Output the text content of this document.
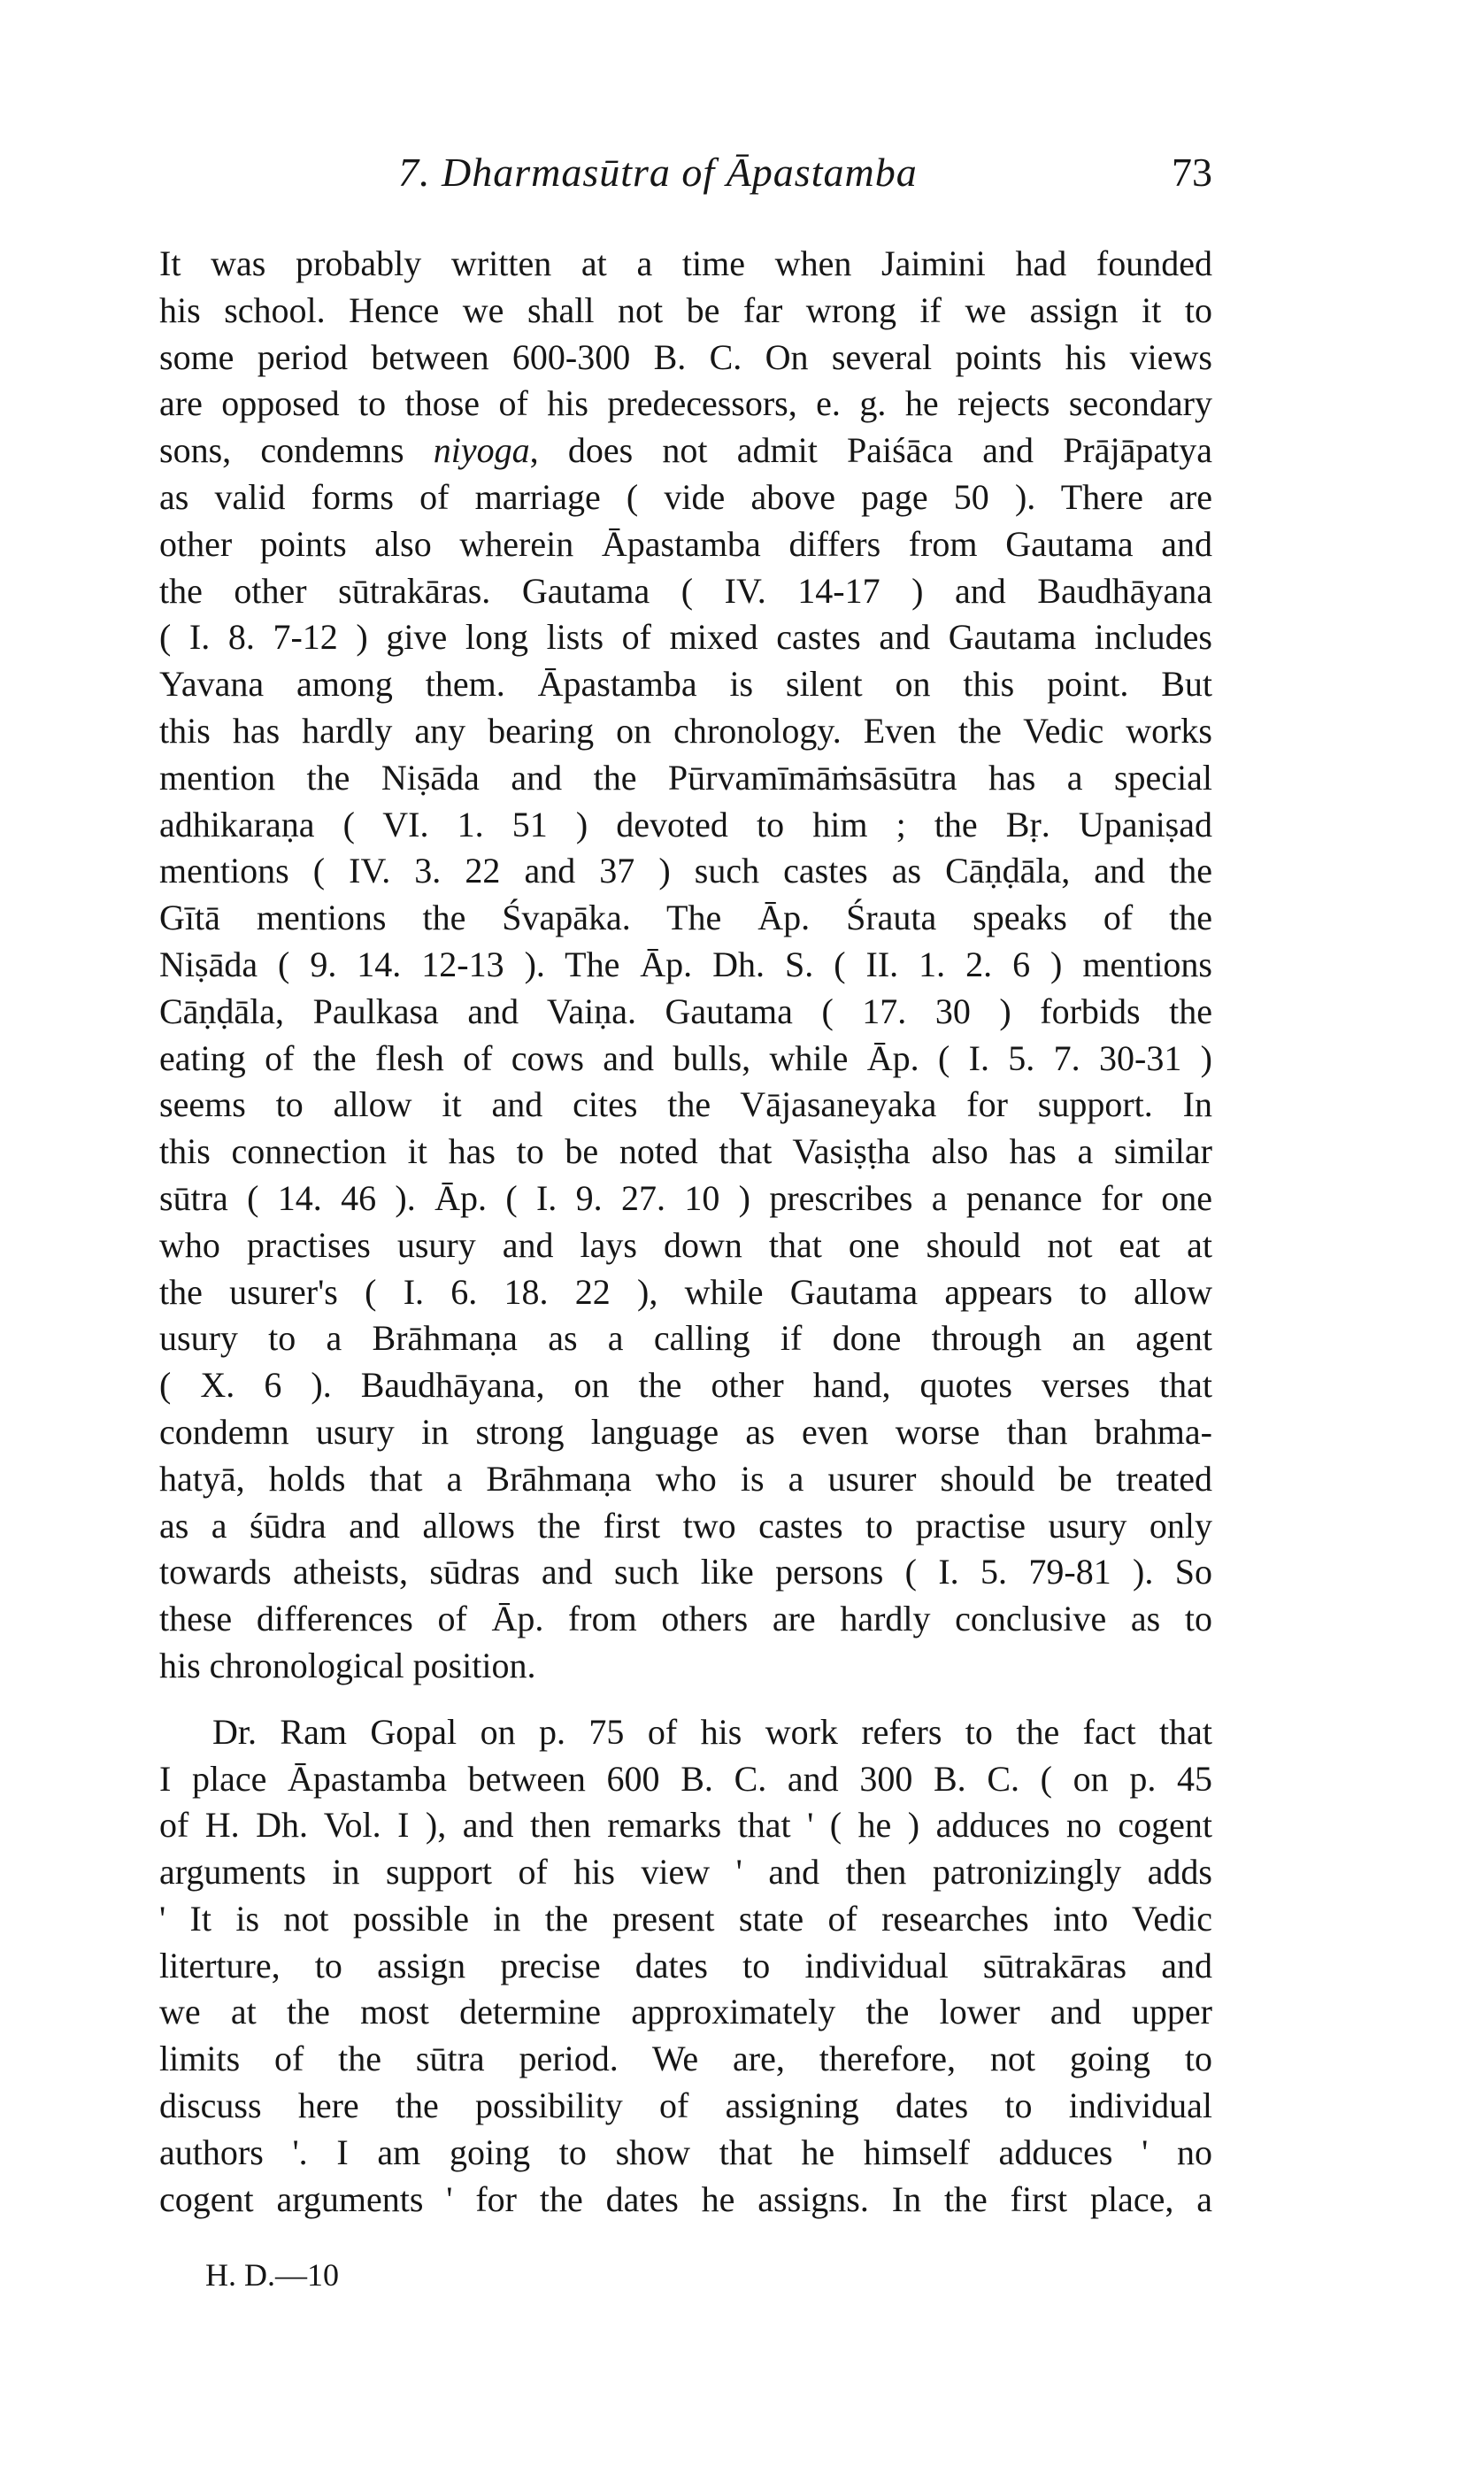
7. Dharmasūtra of Āpastamba	73
It was probably written at a time when Jaimini had founded
his school. Hence we shall not be far wrong if we assign it to
some period between 600-300 B. C. On several points his views
are opposed to those of his predecessors, e. g. he rejects secondary
sons, condemns niyoga, does not admit Paiśāca and Prājāpatya
as valid forms of marriage ( vide above page 50 ). There are
other points also wherein Āpastamba differs from Gautama and
the other sūtrakāras. Gautama ( IV. 14-17 ) and Baudhāyana
( I. 8. 7-12 ) give long lists of mixed castes and Gautama includes
Yavana among them. Āpastamba is silent on this point. But
this has hardly any bearing on chronology. Even the Vedic works
mention the Niṣāda and the Pūrvamīmāṁsāsūtra has a special
adhikaraṇa ( VI. 1. 51 ) devoted to him ; the Bṛ. Upaniṣad
mentions ( IV. 3. 22 and 37 ) such castes as Cāṇḍāla, and the
Gītā mentions the Śvapāka. The Āp. Śrauta speaks of the
Niṣāda ( 9. 14. 12-13 ). The Āp. Dh. S. ( II. 1. 2. 6 ) mentions
Cāṇḍāla, Paulkasa and Vaiṇa. Gautama ( 17. 30 ) forbids the
eating of the flesh of cows and bulls, while Āp. ( I. 5. 7. 30-31 )
seems to allow it and cites the Vājasaneyaka for support. In
this connection it has to be noted that Vasiṣṭha also has a similar
sūtra ( 14. 46 ). Āp. ( I. 9. 27. 10 ) prescribes a penance for one
who practises usury and lays down that one should not eat at
the usurer's ( I. 6. 18. 22 ), while Gautama appears to allow
usury to a Brāhmaṇa as a calling if done through an agent
( X. 6 ). Baudhāyana, on the other hand, quotes verses that
condemn usury in strong language as even worse than brahma-
hatyā, holds that a Brāhmaṇa who is a usurer should be treated
as a śūdra and allows the first two castes to practise usury only
towards atheists, sūdras and such like persons ( I. 5. 79-81 ). So
these differences of Āp. from others are hardly conclusive as to
his chronological position.
Dr. Ram Gopal on p. 75 of his work refers to the fact that
I place Āpastamba between 600 B. C. and 300 B. C. ( on p. 45
of H. Dh. Vol. I ), and then remarks that ' ( he ) adduces no cogent
arguments in support of his view ' and then patronizingly adds
' It is not possible in the present state of researches into Vedic
literture, to assign precise dates to individual sūtrakāras and
we at the most determine approximately the lower and upper
limits of the sūtra period. We are, therefore, not going to
discuss here the possibility of assigning dates to individual
authors '. I am going to show that he himself adduces ' no
cogent arguments ' for the dates he assigns. In the first place, a
H. D.—10
